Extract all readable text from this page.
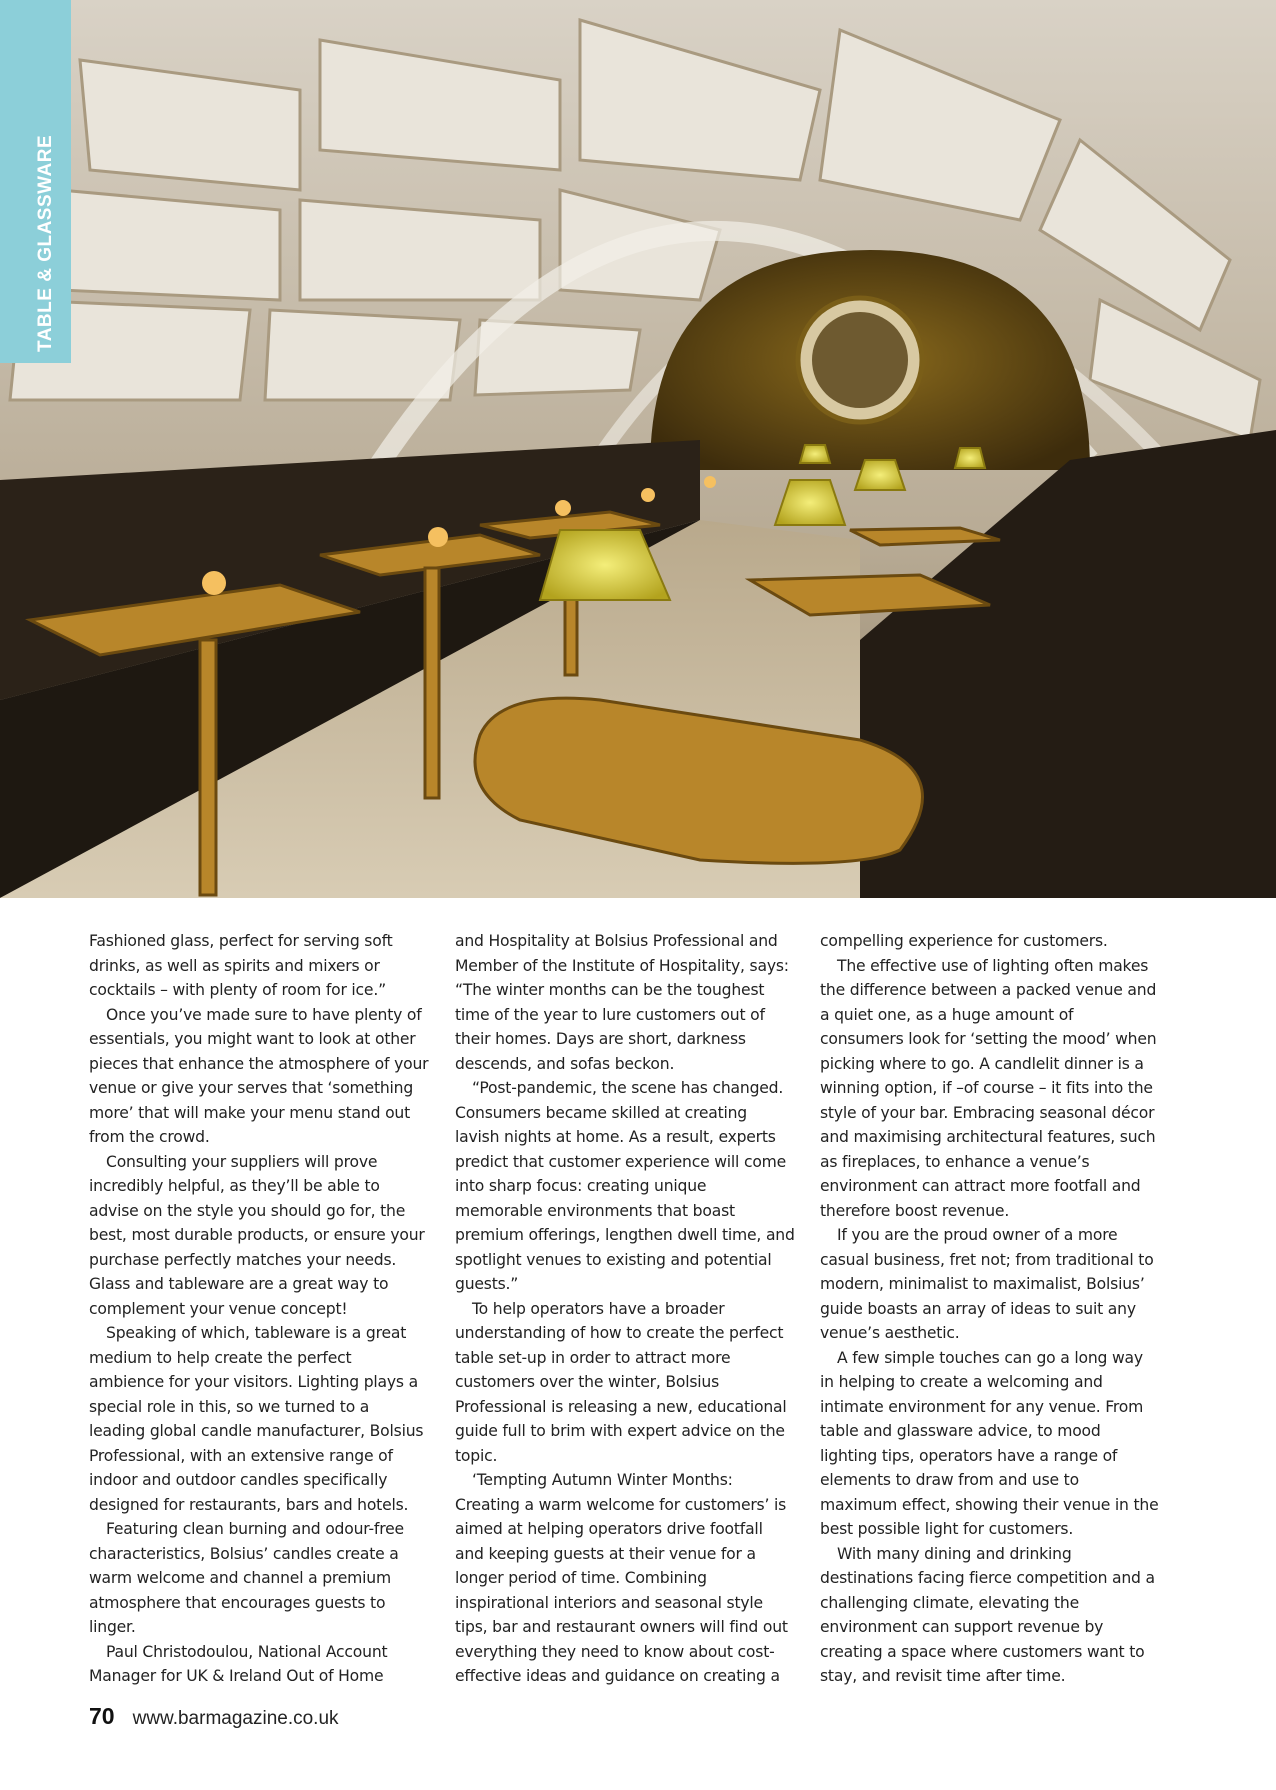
TABLE & GLASSWARE

Fashioned glass, perfect for serving soft drinks, as well as spirits and mixers or cocktails – with plenty of room for ice.”

Once you’ve made sure to have plenty of essentials, you might want to look at other pieces that enhance the atmosphere of your venue or give your serves that ‘something more’ that will make your menu stand out from the crowd.

Consulting your suppliers will prove incredibly helpful, as they’ll be able to advise on the style you should go for, the best, most durable products, or ensure your purchase perfectly matches your needs. Glass and tableware are a great way to complement your venue concept!

Speaking of which, tableware is a great medium to help create the perfect ambience for your visitors. Lighting plays a special role in this, so we turned to a leading global candle manufacturer, Bolsius Professional, with an extensive range of indoor and outdoor candles specifically designed for restaurants, bars and hotels.

Featuring clean burning and odour-free characteristics, Bolsius’ candles create a warm welcome and channel a premium atmosphere that encourages guests to linger.

Paul Christodoulou, National Account Manager for UK & Ireland Out of Home

and Hospitality at Bolsius Professional and Member of the Institute of Hospitality, says: “The winter months can be the toughest time of the year to lure customers out of their homes. Days are short, darkness descends, and sofas beckon.

“Post-pandemic, the scene has changed. Consumers became skilled at creating lavish nights at home. As a result, experts predict that customer experience will come into sharp focus: creating unique memorable environments that boast premium offerings, lengthen dwell time, and spotlight venues to existing and potential guests.”

To help operators have a broader understanding of how to create the perfect table set-up in order to attract more customers over the winter, Bolsius Professional is releasing a new, educational guide full to brim with expert advice on the topic.

‘Tempting Autumn Winter Months: Creating a warm welcome for customers’ is aimed at helping operators drive footfall and keeping guests at their venue for a longer period of time. Combining inspirational interiors and seasonal style tips, bar and restaurant owners will find out everything they need to know about cost-effective ideas and guidance on creating a

compelling experience for customers.

The effective use of lighting often makes the difference between a packed venue and a quiet one, as a huge amount of consumers look for ‘setting the mood’ when picking where to go. A candlelit dinner is a winning option, if –of course – it fits into the style of your bar. Embracing seasonal décor and maximising architectural features, such as fireplaces, to enhance a venue’s environment can attract more footfall and therefore boost revenue.

If you are the proud owner of a more casual business, fret not; from traditional to modern, minimalist to maximalist, Bolsius’ guide boasts an array of ideas to suit any venue’s aesthetic.

A few simple touches can go a long way in helping to create a welcoming and intimate environment for any venue. From table and glassware advice, to mood lighting tips, operators have a range of elements to draw from and use to maximum effect, showing their venue in the best possible light for customers.

With many dining and drinking destinations facing fierce competition and a challenging climate, elevating the environment can support revenue by creating a space where customers want to stay, and revisit time after time.

70 www.barmagazine.co.uk
